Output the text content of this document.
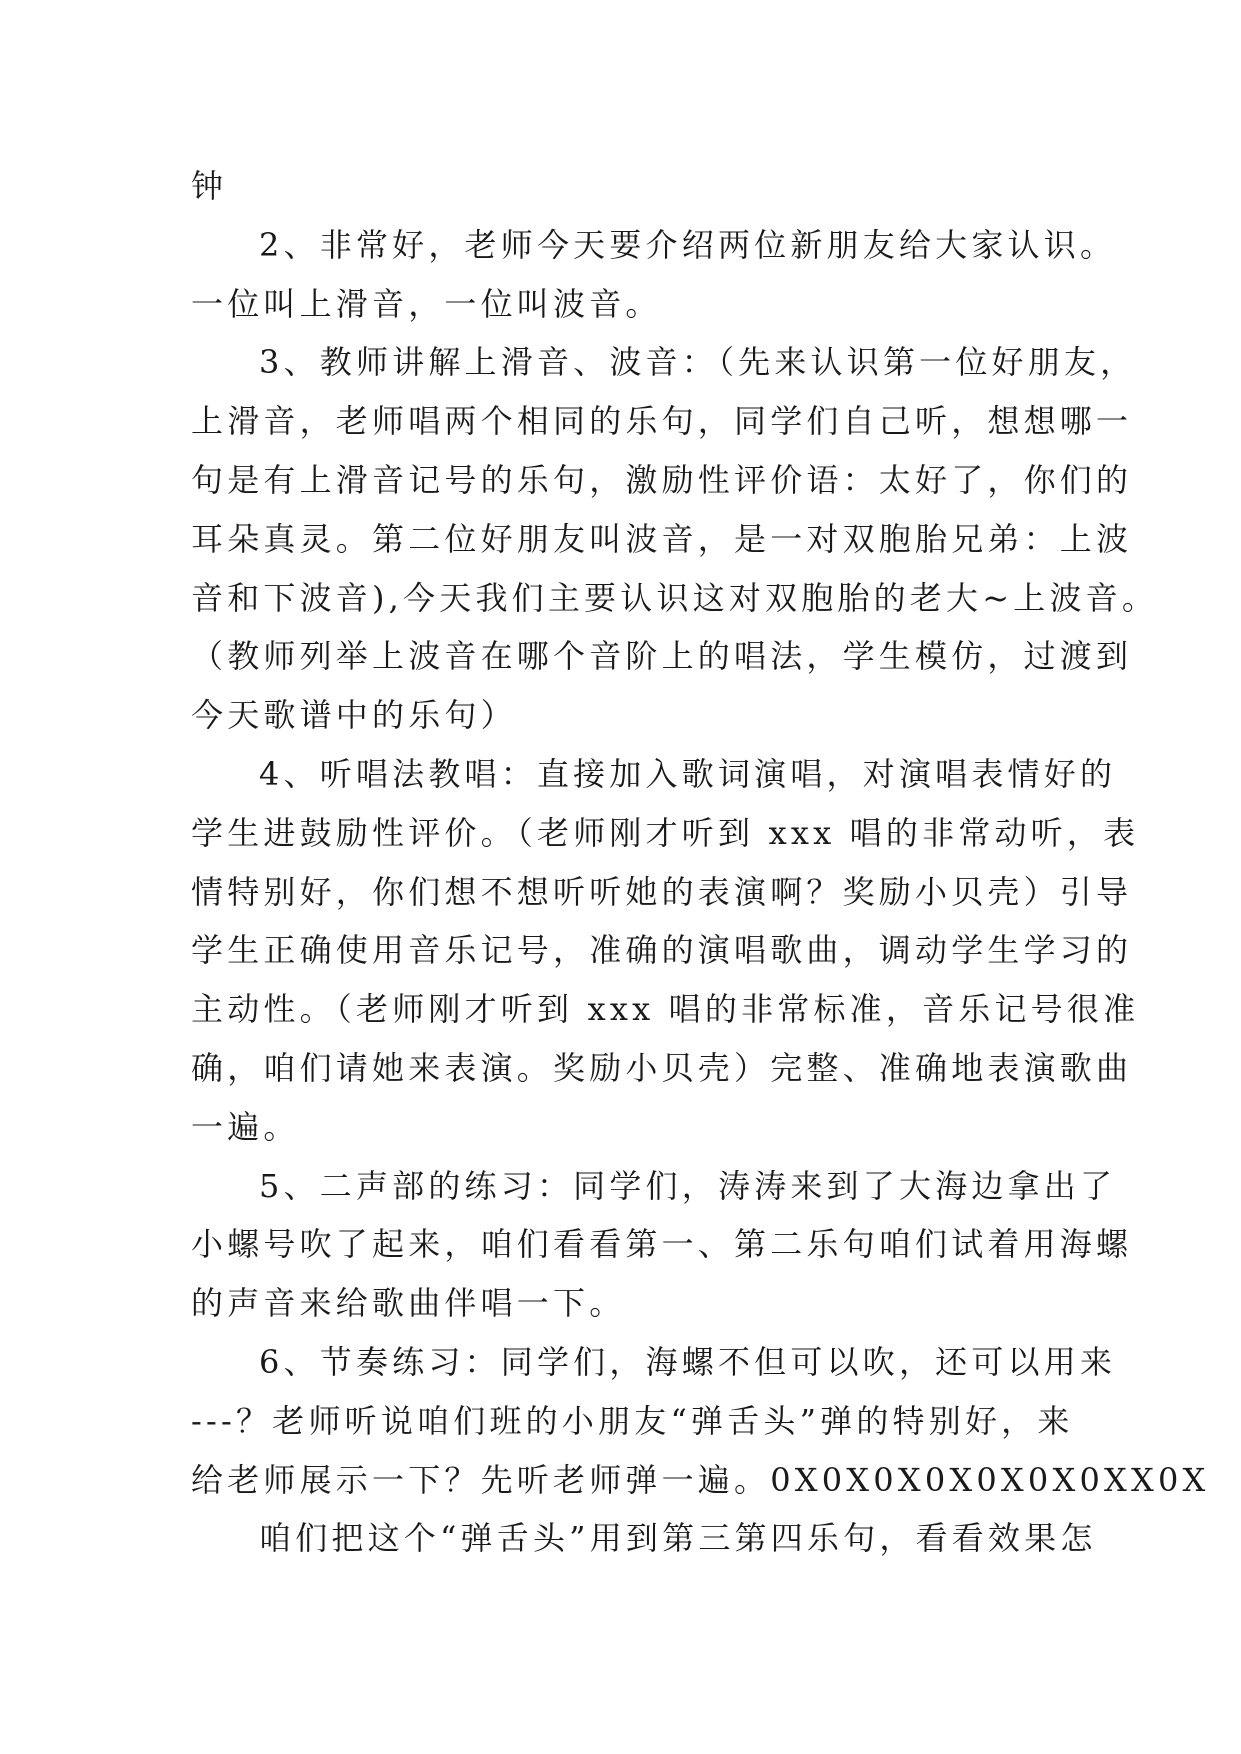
钟
2、非常好，老师今天要介绍两位新朋友给大家认识。
一位叫上滑音，一位叫波音。
3、教师讲解上滑音、波音：（先来认识第一位好朋友，
上滑音，老师唱两个相同的乐句，同学们自己听，想想哪一
句是有上滑音记号的乐句，激励性评价语：太好了，你们的
耳朵真灵。第二位好朋友叫波音，是一对双胞胎兄弟：上波
音和下波音),今天我们主要认识这对双胞胎的老大~上波音。
（教师列举上波音在哪个音阶上的唱法，学生模仿，过渡到
今天歌谱中的乐句）
4、听唱法教唱：直接加入歌词演唱，对演唱表情好的
学生进鼓励性评价。（老师刚才听到 xxx 唱的非常动听，表
情特别好，你们想不想听听她的表演啊？奖励小贝壳）引导
学生正确使用音乐记号，准确的演唱歌曲，调动学生学习的
主动性。（老师刚才听到 xxx 唱的非常标准，音乐记号很准
确，咱们请她来表演。奖励小贝壳）完整、准确地表演歌曲
一遍。
5、二声部的练习：同学们，涛涛来到了大海边拿出了
小螺号吹了起来，咱们看看第一、第二乐句咱们试着用海螺
的声音来给歌曲伴唱一下。
6、节奏练习：同学们，海螺不但可以吹，还可以用来
---？老师听说咱们班的小朋友“弹舌头”弹的特别好，来
给老师展示一下？先听老师弹一遍。0X0X0X0X0X0X0XX0X
咱们把这个“弹舌头”用到第三第四乐句，看看效果怎
